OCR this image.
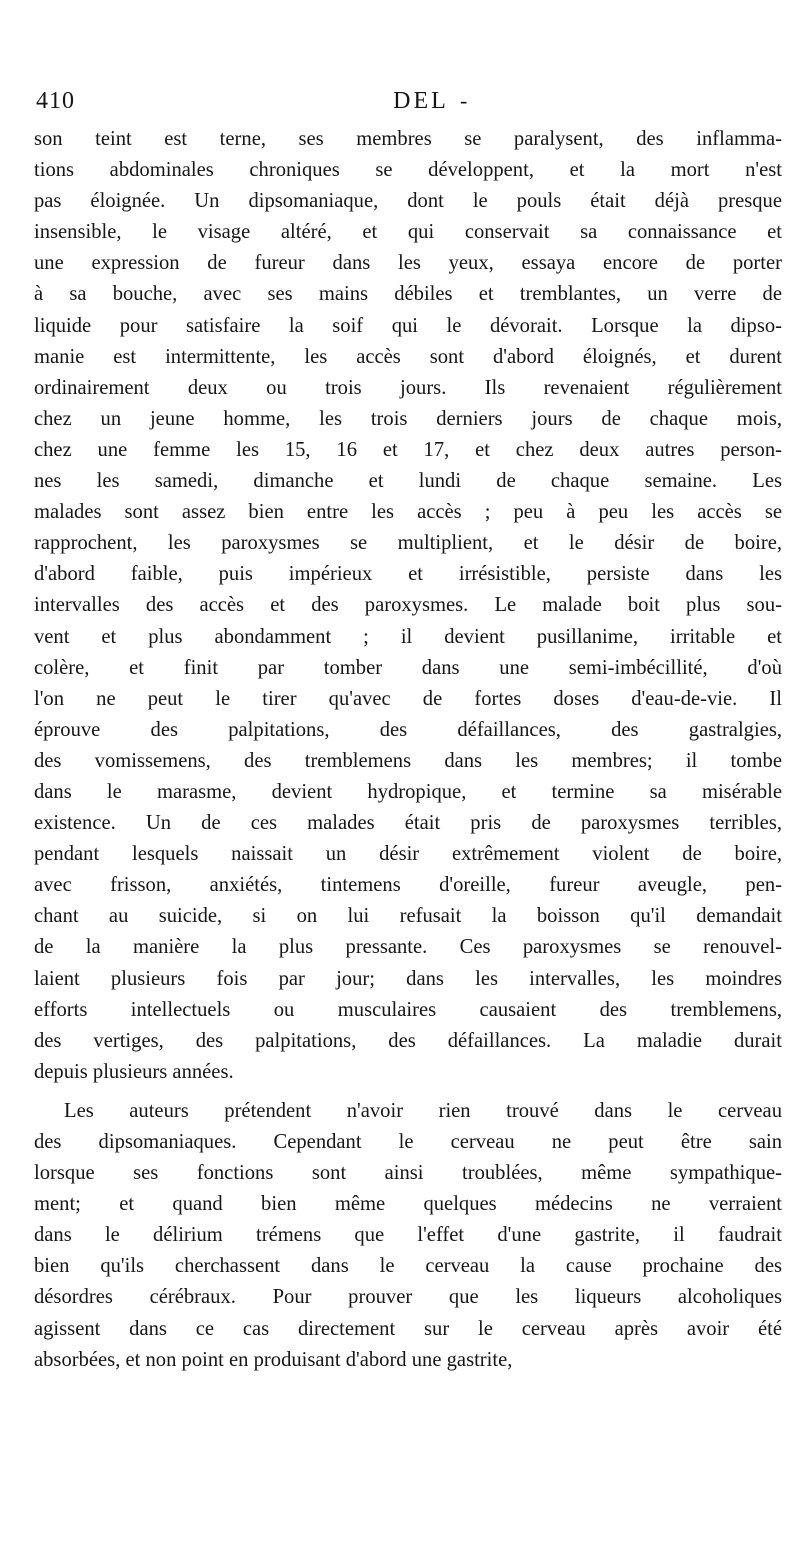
410	DEL -
son teint est terne, ses membres se paralysent, des inflamma-
tions abdominales chroniques se développent, et la mort n'est
pas éloignée. Un dipsomaniaque, dont le pouls était déjà presque
insensible, le visage altéré, et qui conservait sa connaissance et
une expression de fureur dans les yeux, essaya encore de porter
à sa bouche, avec ses mains débiles et tremblantes, un verre de
liquide pour satisfaire la soif qui le dévorait. Lorsque la dipso-
manie est intermittente, les accès sont d'abord éloignés, et durent
ordinairement deux ou trois jours. Ils revenaient régulièrement
chez un jeune homme, les trois derniers jours de chaque mois,
chez une femme les 15, 16 et 17, et chez deux autres person-
nes les samedi, dimanche et lundi de chaque semaine. Les
malades sont assez bien entre les accès ; peu à peu les accès se
rapprochent, les paroxysmes se multiplient, et le désir de boire,
d'abord faible, puis impérieux et irrésistible, persiste dans les
intervalles des accès et des paroxysmes. Le malade boit plus sou-
vent et plus abondamment ; il devient pusillanime, irritable et
colère, et finit par tomber dans une semi-imbécillité, d'où
l'on ne peut le tirer qu'avec de fortes doses d'eau-de-vie. Il
éprouve des palpitations, des défaillances, des gastralgies,
des vomissemens, des tremblemens dans les membres; il tombe
dans le marasme, devient hydropique, et termine sa misérable
existence. Un de ces malades était pris de paroxysmes terribles,
pendant lesquels naissait un désir extrêmement violent de boire,
avec frisson, anxiétés, tintemens d'oreille, fureur aveugle, pen-
chant au suicide, si on lui refusait la boisson qu'il demandait
de la manière la plus pressante. Ces paroxysmes se renouvel-
laient plusieurs fois par jour; dans les intervalles, les moindres
efforts intellectuels ou musculaires causaient des tremblemens,
des vertiges, des palpitations, des défaillances. La maladie durait
depuis plusieurs années.
Les auteurs prétendent n'avoir rien trouvé dans le cerveau
des dipsomaniaques. Cependant le cerveau ne peut être sain
lorsque ses fonctions sont ainsi troublées, même sympathique-
ment; et quand bien même quelques médecins ne verraient
dans le délirium trémens que l'effet d'une gastrite, il faudrait
bien qu'ils cherchassent dans le cerveau la cause prochaine des
désordres cérébraux. Pour prouver que les liqueurs alcoholiques
agissent dans ce cas directement sur le cerveau après avoir été
absorbées, et non point en produisant d'abord une gastrite,
